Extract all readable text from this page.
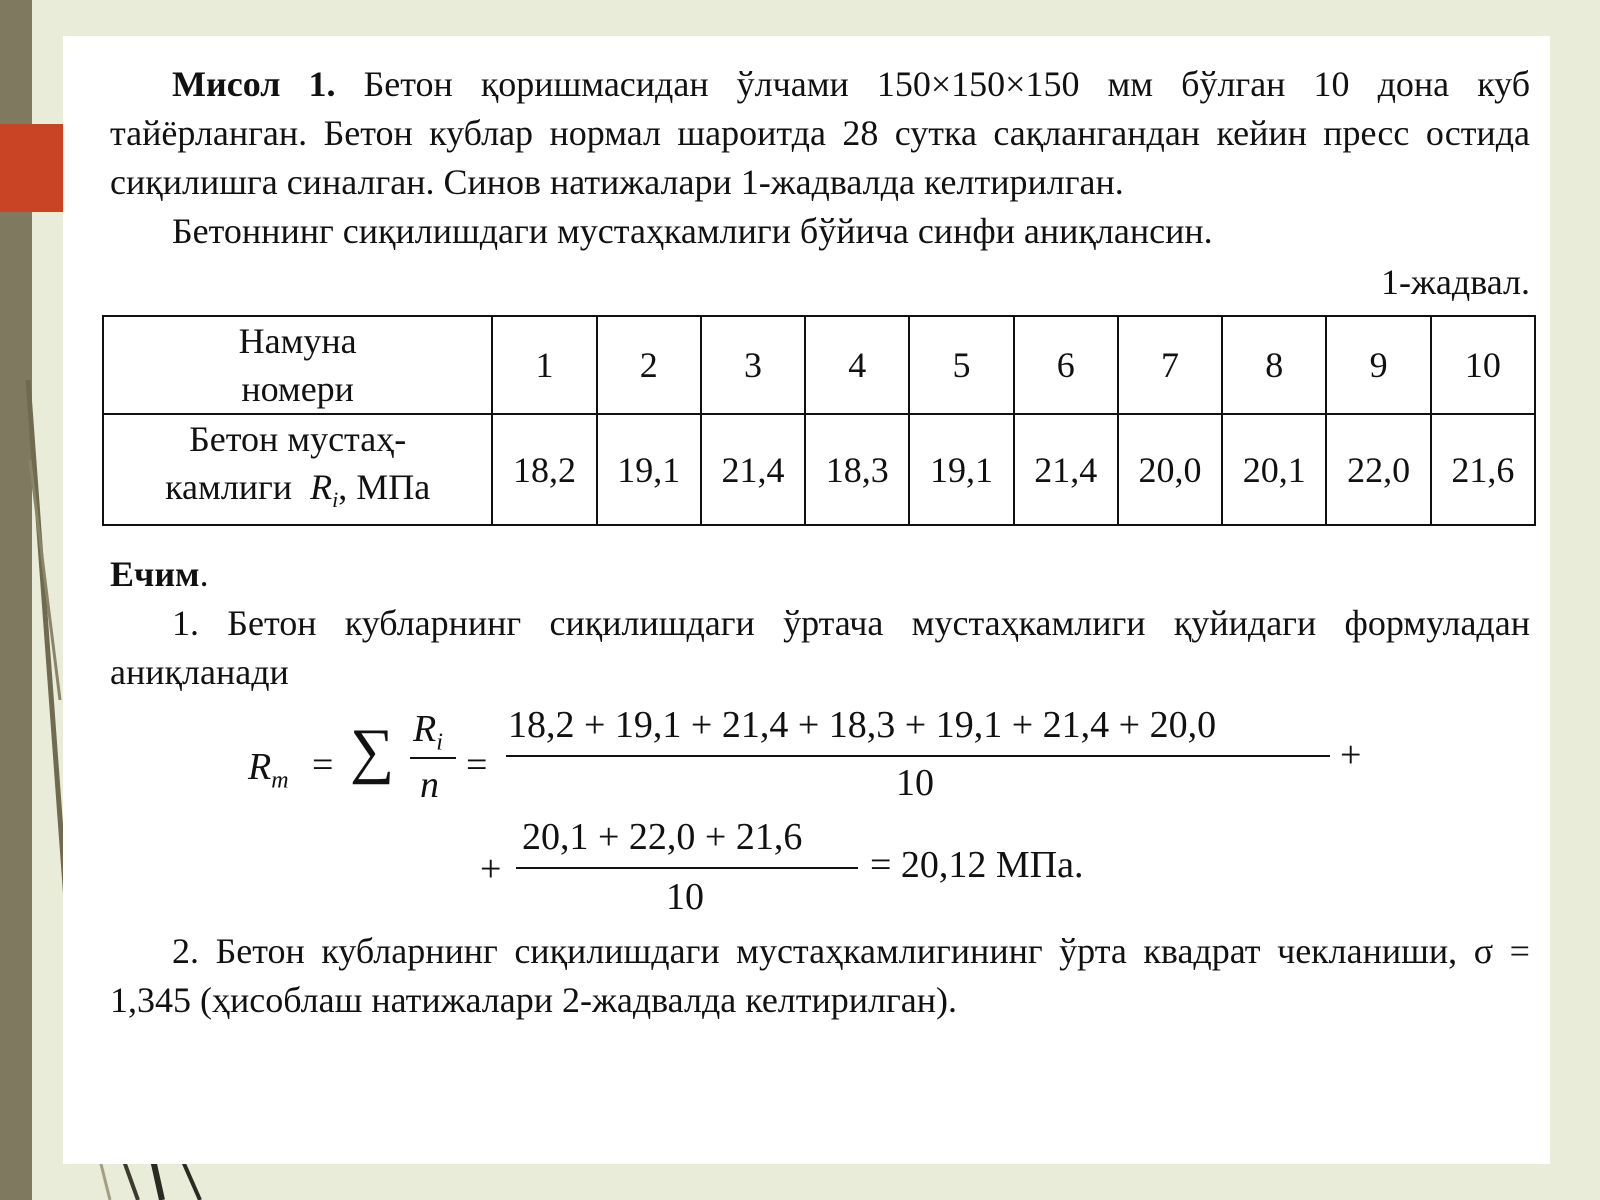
Мисол 1. Бетон қоришмасидан ўлчами 150×150×150 мм бўлган 10 дона куб тайёрланган. Бетон кублар нормал шароитда 28 сутка сақлангандан кейин пресс остида сиқилишга синалган. Синов натижалари 1-жадвалда келтирилган.

Бетоннинг сиқилишдаги мустаҳкамлиги бўйича синфи аниқлансин.

1-жадвал.

Намуна
номери	1	2	3	4	5	6	7	8	9	10
Бетон мустаҳ-
камлиги $R_i$, МПа	18,2	19,1	21,4	18,3	19,1	21,4	20,0	20,1	22,0	21,6

Ечим.

1. Бетон кубларнинг сиқилишдаги ўртача мустаҳкамлиги қуйидаги формуладан аниқланади

$R_m$ = ∑ $R_i$
n =
18,2 + 19,1 + 21,4 + 18,3 + 19,1 + 21,4 + 20,0
10
+
+
20,1 + 22,0 + 21,6
10
= 20,12 МПа.

2. Бетон кубларнинг сиқилишдаги мустаҳкамлигининг ўрта квадрат чекланиши, σ = 1,345 (ҳисоблаш натижалари 2-жадвалда келтирилган).
